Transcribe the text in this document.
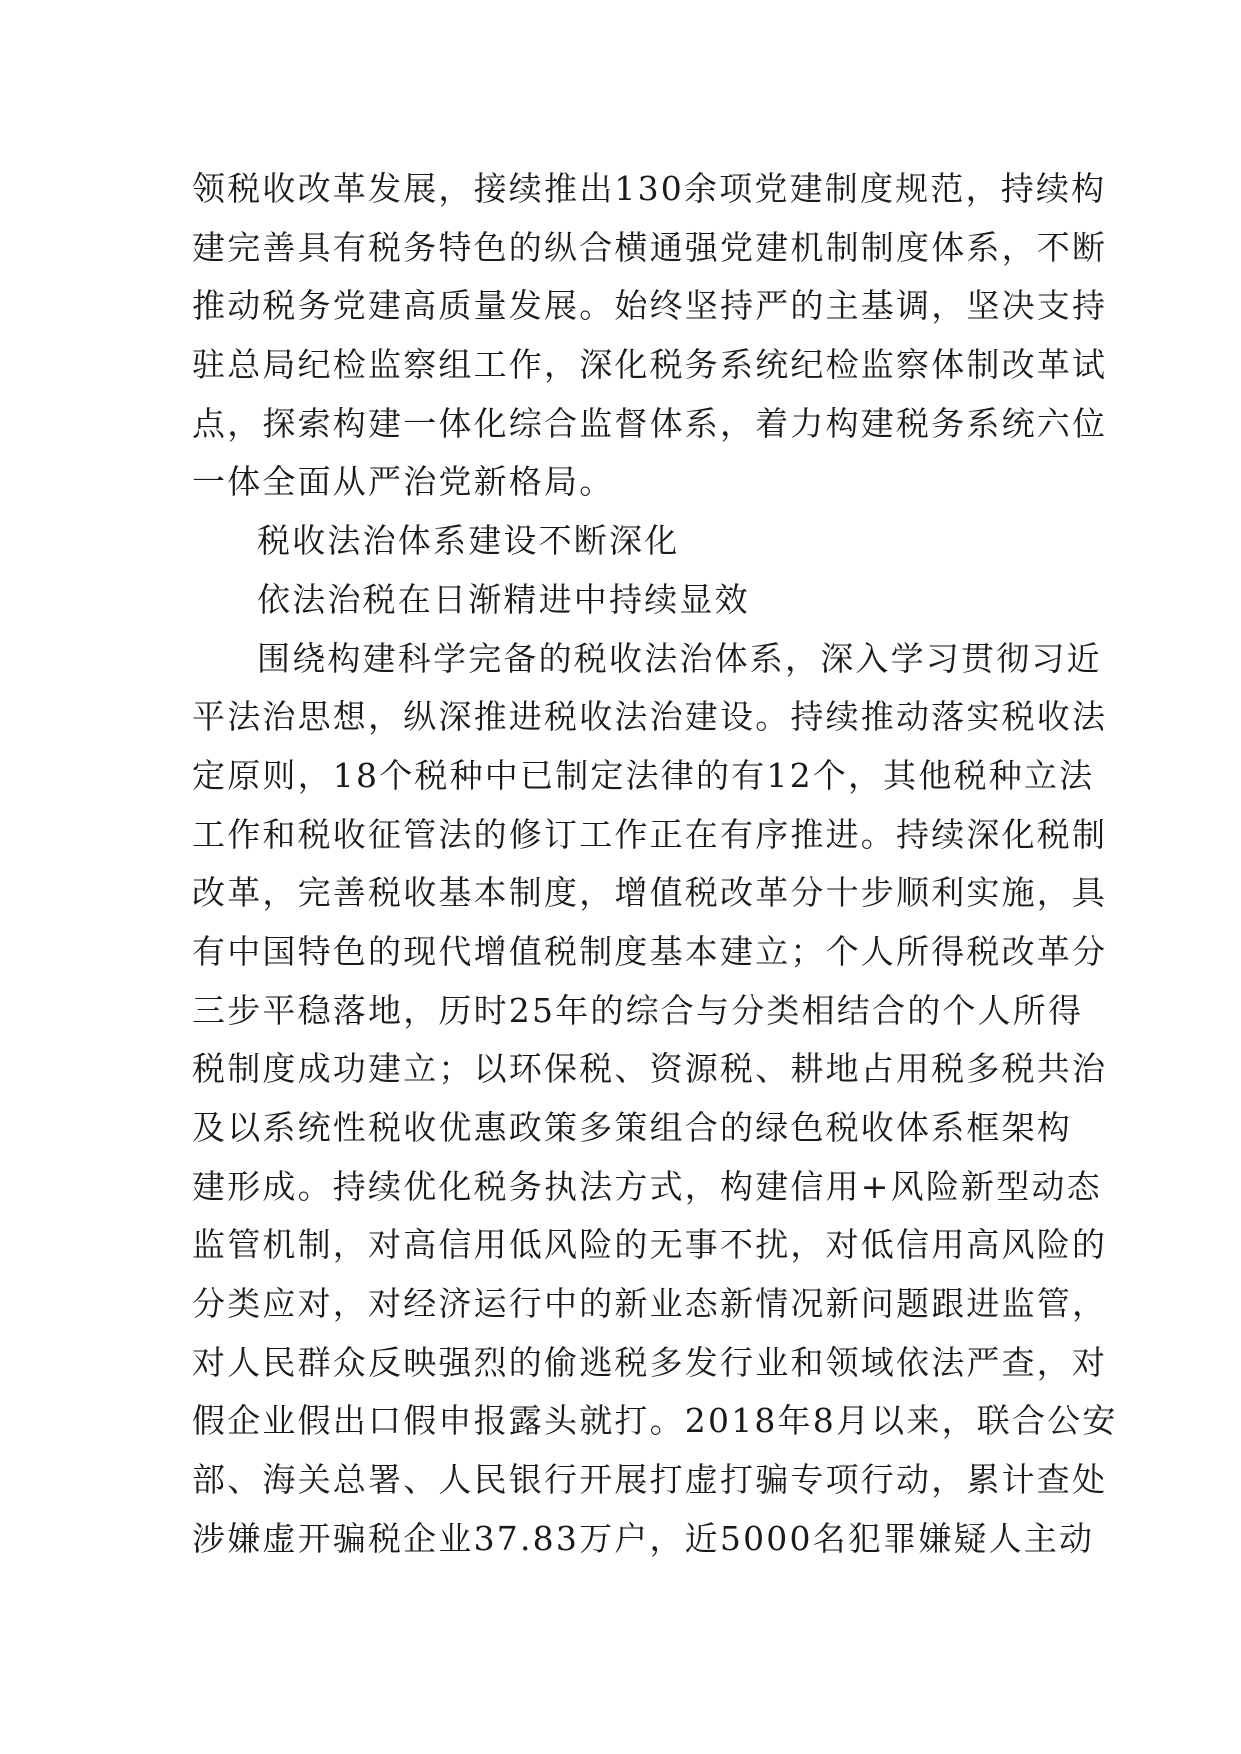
领税收改革发展，接续推出130余项党建制度规范，持续构
建完善具有税务特色的纵合横通强党建机制制度体系，不断
推动税务党建高质量发展。始终坚持严的主基调，坚决支持
驻总局纪检监察组工作，深化税务系统纪检监察体制改革试
点，探索构建一体化综合监督体系，着力构建税务系统六位
一体全面从严治党新格局。
税收法治体系建设不断深化
依法治税在日渐精进中持续显效
围绕构建科学完备的税收法治体系，深入学习贯彻习近
平法治思想，纵深推进税收法治建设。持续推动落实税收法
定原则，18个税种中已制定法律的有12个，其他税种立法
工作和税收征管法的修订工作正在有序推进。持续深化税制
改革，完善税收基本制度，增值税改革分十步顺利实施，具
有中国特色的现代增值税制度基本建立；个人所得税改革分
三步平稳落地，历时25年的综合与分类相结合的个人所得
税制度成功建立；以环保税、资源税、耕地占用税多税共治
及以系统性税收优惠政策多策组合的绿色税收体系框架构
建形成。持续优化税务执法方式，构建信用+风险新型动态
监管机制，对高信用低风险的无事不扰，对低信用高风险的
分类应对，对经济运行中的新业态新情况新问题跟进监管，
对人民群众反映强烈的偷逃税多发行业和领域依法严查，对
假企业假出口假申报露头就打。2018年8月以来，联合公安
部、海关总署、人民银行开展打虚打骗专项行动，累计查处
涉嫌虚开骗税企业37.83万户，近5000名犯罪嫌疑人主动
